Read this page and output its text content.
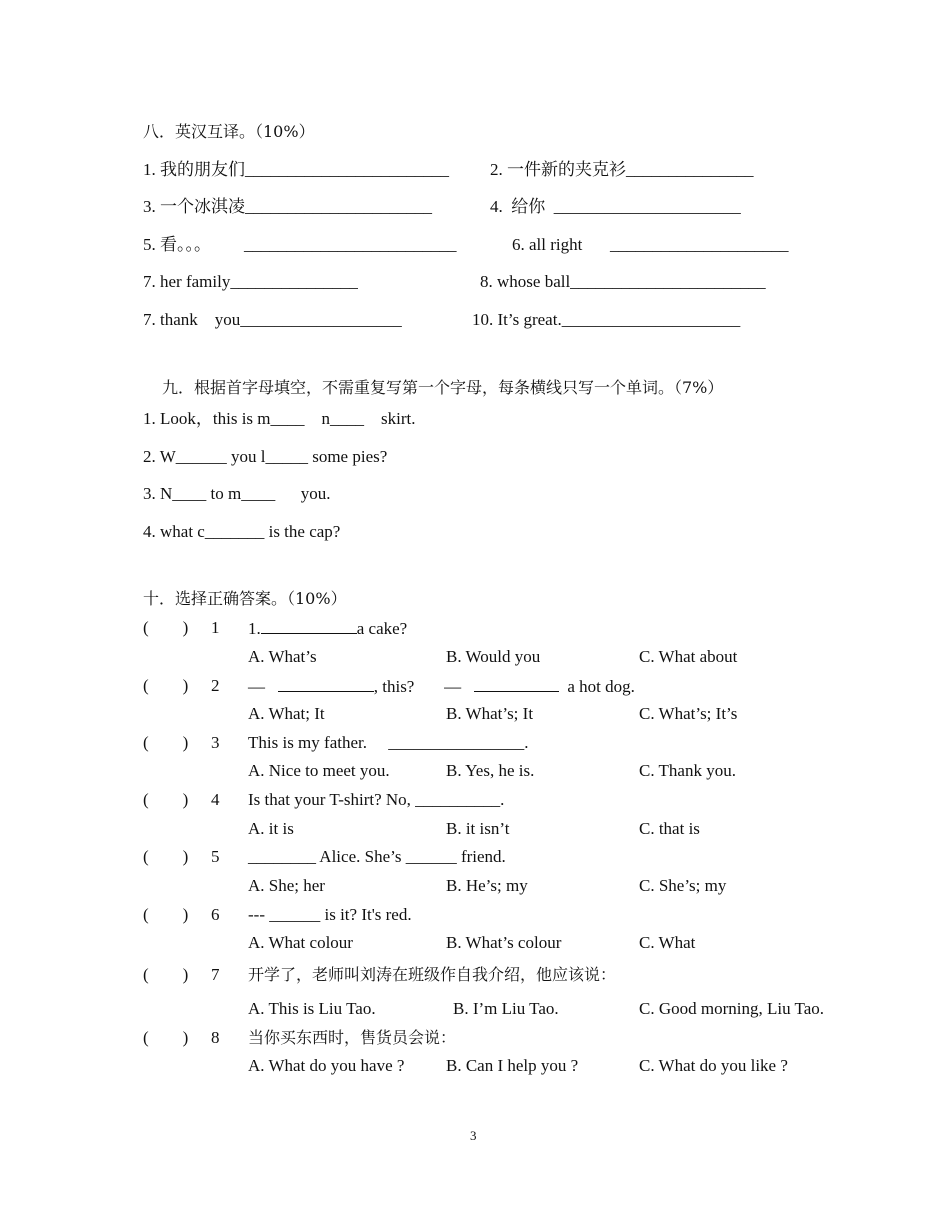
八．英汉互译。（10%）
1. 我的朋友们________________________ 2. 一件新的夹克衫_______________
3. 一个冰淇凌______________________	4.  给你  ______________________
5. 看。。。 _________________________	6. all right _____________________
7. her family_______________	8. whose ball_______________________
7. thank    you___________________	10. It’s great._____________________
九．根据首字母填空，不需重复写第一个字母，每条横线只写一个单词。（7%）
1. Look，this is m____    n____    skirt.
2. W______ you l_____ some pies?
3. N____ to m____      you.
4. what c_______ is the cap?
十．选择正确答案。（10%）
(        ) 1 1.	a cake?
A. What’s	B. Would you	C. What about
(        ) 2 —	, this? —	a hot dog.
A. What; It	B. What’s; It	C. What’s; It’s
(        ) 3 This is my father.     ________________.
A. Nice to meet you.	B. Yes, he is.	C. Thank you.
(        ) 4 Is that your T-shirt? No, __________.
A. it is	B. it isn’t	C. that is
(        ) 5 ________ Alice. She’s ______ friend.
A. She; her	B. He’s; my	C. She’s; my
(        ) 6 --- ______ is it? It's red.
A. What colour	B. What’s colour	C. What
(        ) 7 开学了，老师叫刘涛在班级作自我介绍，他应该说：
A. This is Liu Tao.	B. I’m Liu Tao.	C. Good morning, Liu Tao.
(        ) 8 当你买东西时，售货员会说：
A. What do you have ? B. Can I help you ?	C. What do you like ?
3
